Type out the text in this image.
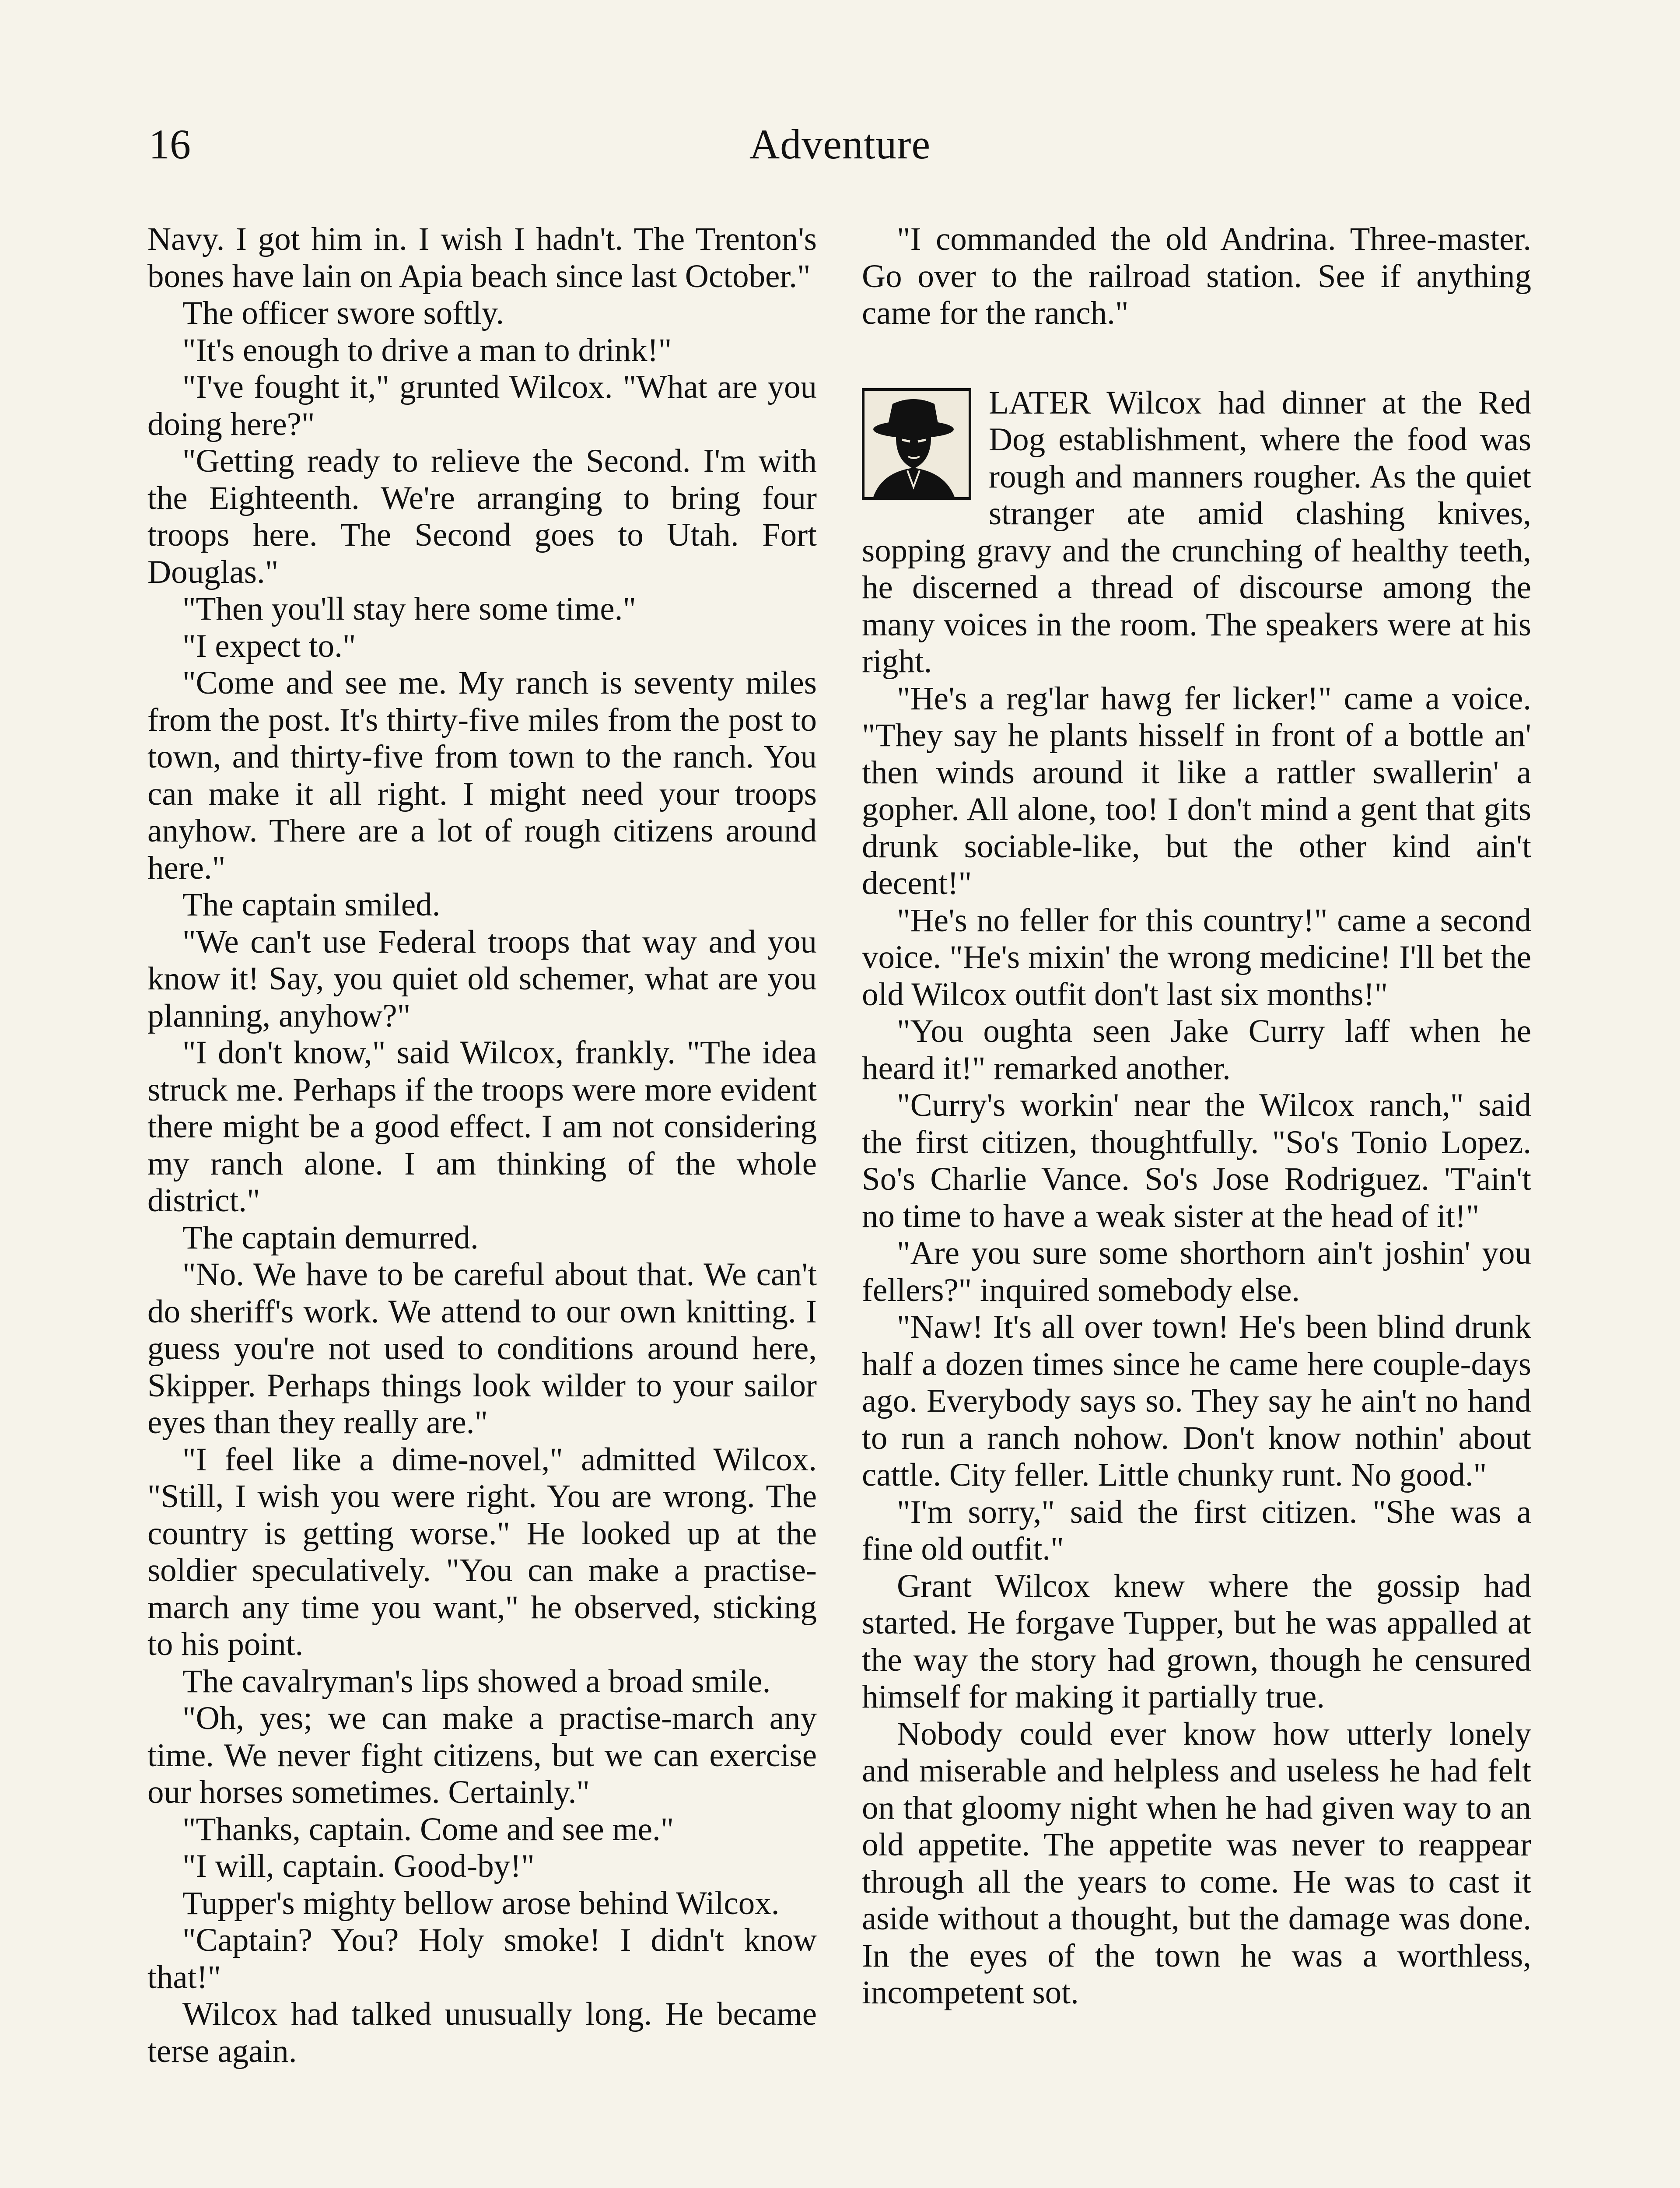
16	Adventure

Navy. I got him in. I wish I hadn't. The Trenton's bones have lain on Apia beach since last October."

The officer swore softly.

"It's enough to drive a man to drink!"

"I've fought it," grunted Wilcox. "What are you doing here?"

"Getting ready to relieve the Second. I'm with the Eighteenth. We're arranging to bring four troops here. The Second goes to Utah. Fort Douglas."

"Then you'll stay here some time."

"I expect to."

"Come and see me. My ranch is seventy miles from the post. It's thirty-five miles from the post to town, and thirty-five from town to the ranch. You can make it all right. I might need your troops anyhow. There are a lot of rough citizens around here."

The captain smiled.

"We can't use Federal troops that way and you know it! Say, you quiet old schemer, what are you planning, anyhow?"

"I don't know," said Wilcox, frankly. "The idea struck me. Perhaps if the troops were more evident there might be a good effect. I am not considering my ranch alone. I am thinking of the whole district."

The captain demurred.

"No. We have to be careful about that. We can't do sheriff's work. We attend to our own knitting. I guess you're not used to conditions around here, Skipper. Perhaps things look wilder to your sailor eyes than they really are."

"I feel like a dime-novel," admitted Wilcox. "Still, I wish you were right. You are wrong. The country is getting worse." He looked up at the soldier speculatively. "You can make a practise-march any time you want," he observed, sticking to his point.

The cavalryman's lips showed a broad smile.

"Oh, yes; we can make a practise-march any time. We never fight citizens, but we can exercise our horses sometimes. Certainly."

"Thanks, captain. Come and see me."

"I will, captain. Good-by!"

Tupper's mighty bellow arose behind Wilcox.

"Captain? You? Holy smoke! I didn't know that!"

Wilcox had talked unusually long. He became terse again.

"I commanded the old Andrina. Three-master. Go over to the railroad station. See if anything came for the ranch."

LATER Wilcox had dinner at the Red Dog establishment, where the food was rough and manners rougher. As the quiet stranger ate amid clashing knives, sopping gravy and the crunching of healthy teeth, he discerned a thread of discourse among the many voices in the room. The speakers were at his right.

"He's a reg'lar hawg fer licker!" came a voice. "They say he plants hisself in front of a bottle an' then winds around it like a rattler swallerin' a gopher. All alone, too! I don't mind a gent that gits drunk sociable-like, but the other kind ain't decent!"

"He's no feller for this country!" came a second voice. "He's mixin' the wrong medicine! I'll bet the old Wilcox outfit don't last six months!"

"You oughta seen Jake Curry laff when he heard it!" remarked another.

"Curry's workin' near the Wilcox ranch," said the first citizen, thoughtfully. "So's Tonio Lopez. So's Charlie Vance. So's Jose Rodriguez. 'T'ain't no time to have a weak sister at the head of it!"

"Are you sure some shorthorn ain't joshin' you fellers?" inquired somebody else.

"Naw! It's all over town! He's been blind drunk half a dozen times since he came here couple-days ago. Everybody says so. They say he ain't no hand to run a ranch nohow. Don't know nothin' about cattle. City feller. Little chunky runt. No good."

"I'm sorry," said the first citizen. "She was a fine old outfit."

Grant Wilcox knew where the gossip had started. He forgave Tupper, but he was appalled at the way the story had grown, though he censured himself for making it partially true.

Nobody could ever know how utterly lonely and miserable and helpless and useless he had felt on that gloomy night when he had given way to an old appetite. The appetite was never to reappear through all the years to come. He was to cast it aside without a thought, but the damage was done. In the eyes of the town he was a worthless, incompetent sot.
